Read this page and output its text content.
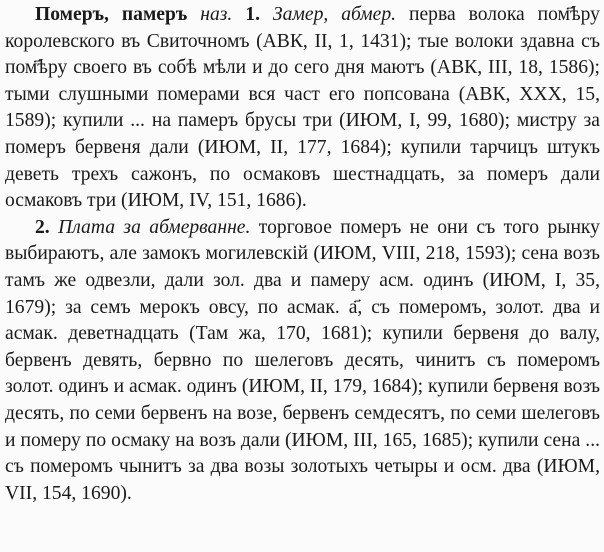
Померъ, памеръ наз. 1. Замер, абмер. перва волока пом҃ѣру королевского въ Свиточномъ (АВК, II, 1, 1431); тые волоки здавна съ пом҃ѣру своего въ собѣ мѣли и до сего дня маютъ (АВК, III, 18, 1586); тыми слушными померами вся част его попсована (АВК, XXX, 15, 1589); купили ... на памеръ брусы три (ИЮМ, I, 99, 1680); мистру за померъ бервеня дали (ИЮМ, II, 177, 1684); купили тарчицъ штукъ деветь трехъ сажонъ, по осмаковъ шестнадцать, за померъ дали осмаковъ три (ИЮМ, IV, 151, 1686).

2. Плата за абмерванне. торговое померъ не они съ того рынку выбираютъ, але замокъ могилевскій (ИЮМ, VIII, 218, 1593); сена возъ тамъ же одвезли, дали зол. два и памеру асм. одинъ (ИЮМ, I, 35, 1679); за семъ мерокъ овсу, по асмак. а҃, съ померомъ, золот. два и асмак. деветнадцать (Там жа, 170, 1681); купили бервеня до валу, бервенъ девять, бервно по шелеговъ десять, чинитъ съ померомъ золот. одинъ и асмак. одинъ (ИЮМ, II, 179, 1684); купили бервеня возъ десять, по семи бервенъ на возе, бервенъ семдесятъ, по семи шелеговъ и померу по осмаку на возъ дали (ИЮМ, III, 165, 1685); купили сена ... съ померомъ чынитъ за два возы золотыхъ четыры и осм. два (ИЮМ, VII, 154, 1690).
